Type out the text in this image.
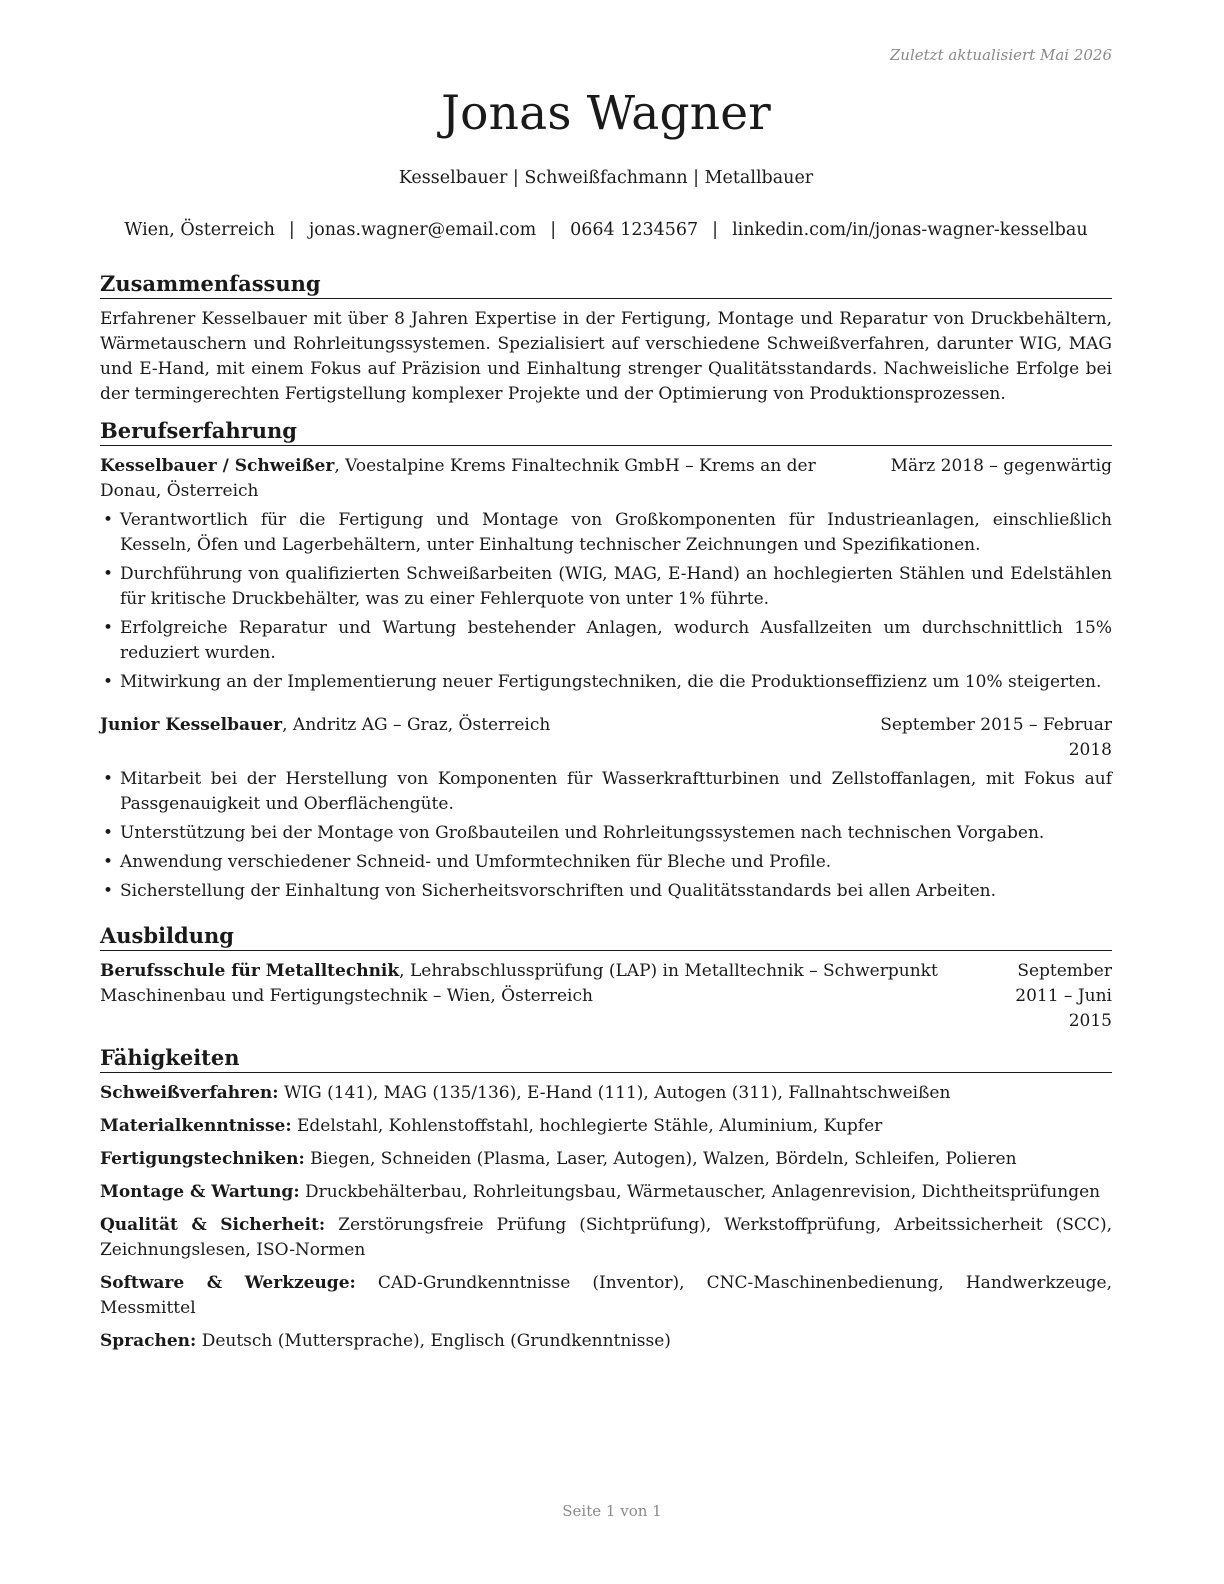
Zuletzt aktualisiert Mai 2026
Jonas Wagner
Kesselbauer | Schweißfachmann | Metallbauer
Wien, Österreich | jonas.wagner@email.com | 0664 1234567 | linkedin.com/in/jonas-wagner-kesselbau
Zusammenfassung

Erfahrener Kesselbauer mit über 8 Jahren Expertise in der Fertigung, Montage und Reparatur von Druckbehältern, Wärmetauschern und Rohrleitungssystemen. Spezialisiert auf verschiedene Schweißverfahren, darunter WIG, MAG und E-Hand, mit einem Fokus auf Präzision und Einhaltung strenger Qualitätsstandards. Nachweisliche Erfolge bei der termingerechten Fertigstellung komplexer Projekte und der Optimierung von Produktionsprozessen.

Berufserfahrung
Kesselbauer / Schweißer, Voestalpine Krems Finaltechnik GmbH – Krems an der Donau, Österreich
März 2018 – gegenwärtig
• Verantwortlich für die Fertigung und Montage von Großkomponenten für Industrieanlagen, einschließlich Kesseln, Öfen und Lagerbehältern, unter Einhaltung technischer Zeichnungen und Spezifikationen.
• Durchführung von qualifizierten Schweißarbeiten (WIG, MAG, E-Hand) an hochlegierten Stählen und Edelstählen für kritische Druckbehälter, was zu einer Fehlerquote von unter 1% führte.
• Erfolgreiche Reparatur und Wartung bestehender Anlagen, wodurch Ausfallzeiten um durchschnittlich 15% reduziert wurden.
• Mitwirkung an der Implementierung neuer Fertigungstechniken, die die Produktionseffizienz um 10% steigerten.
Junior Kesselbauer, Andritz AG – Graz, Österreich	September 2015 – Februar 2018
• Mitarbeit bei der Herstellung von Komponenten für Wasserkraftturbinen und Zellstoffanlagen, mit Fokus auf Passgenauigkeit und Oberflächengüte.
• Unterstützung bei der Montage von Großbauteilen und Rohrleitungssystemen nach technischen Vorgaben.
• Anwendung verschiedener Schneid- und Umformtechniken für Bleche und Profile.
• Sicherstellung der Einhaltung von Sicherheitsvorschriften und Qualitätsstandards bei allen Arbeiten.
Ausbildung
Berufsschule für Metalltechnik, Lehrabschlussprüfung (LAP) in Metalltechnik – Schwerpunkt Maschinenbau und Fertigungstechnik – Wien, Österreich
September 2011 – Juni 2015
Fähigkeiten
Schweißverfahren: WIG (141), MAG (135/136), E-Hand (111), Autogen (311), Fallnahtschweißen
Materialkenntnisse: Edelstahl, Kohlenstoffstahl, hochlegierte Stähle, Aluminium, Kupfer
Fertigungstechniken: Biegen, Schneiden (Plasma, Laser, Autogen), Walzen, Bördeln, Schleifen, Polieren
Montage & Wartung: Druckbehälterbau, Rohrleitungsbau, Wärmetauscher, Anlagenrevision, Dichtheitsprüfungen
Qualität & Sicherheit: Zerstörungsfreie Prüfung (Sichtprüfung), Werkstoffprüfung, Arbeitssicherheit (SCC), Zeichnungslesen, ISO-Normen
Software & Werkzeuge: CAD-Grundkenntnisse (Inventor), CNC-Maschinenbedienung, Handwerkzeuge, Messmittel
Sprachen: Deutsch (Muttersprache), Englisch (Grundkenntnisse)
Seite 1 von 1
